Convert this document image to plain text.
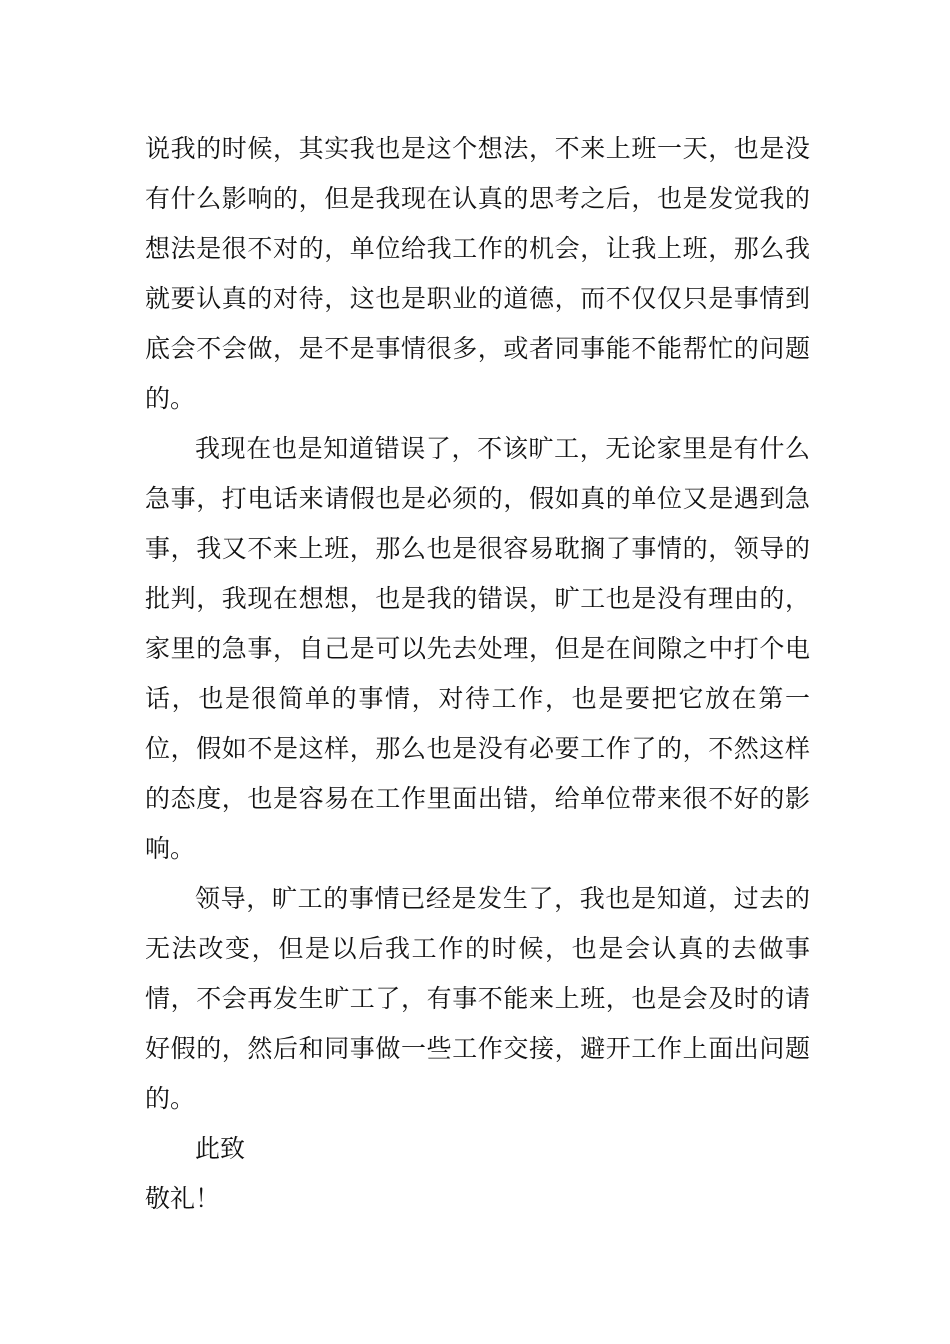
说我的时候，其实我也是这个想法，不来上班一天，也是没有什么影响的，但是我现在认真的思考之后，也是发觉我的想法是很不对的，单位给我工作的机会，让我上班，那么我就要认真的对待，这也是职业的道德，而不仅仅只是事情到底会不会做，是不是事情很多，或者同事能不能帮忙的问题的。

我现在也是知道错误了，不该旷工，无论家里是有什么急事，打电话来请假也是必须的，假如真的单位又是遇到急事，我又不来上班，那么也是很容易耽搁了事情的，领导的批判，我现在想想，也是我的错误，旷工也是没有理由的，家里的急事，自己是可以先去处理，但是在间隙之中打个电话，也是很简单的事情，对待工作，也是要把它放在第一位，假如不是这样，那么也是没有必要工作了的，不然这样的态度，也是容易在工作里面出错，给单位带来很不好的影响。

领导，旷工的事情已经是发生了，我也是知道，过去的无法改变，但是以后我工作的时候，也是会认真的去做事情，不会再发生旷工了，有事不能来上班，也是会及时的请好假的，然后和同事做一些工作交接，避开工作上面出问题的。

此致

敬礼！
